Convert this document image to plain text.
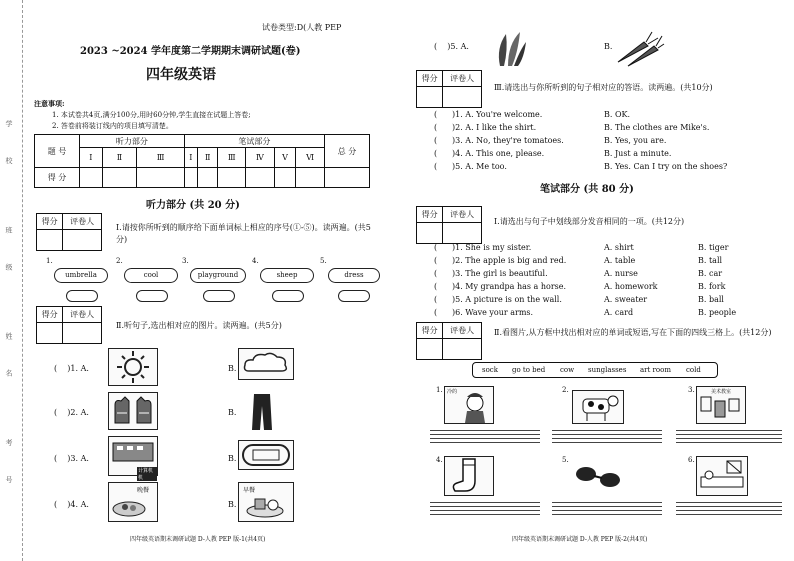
学校 班级 姓名 考号
试卷类型:D(人教 PEP
2023 ~2024 学年度第二学期期末调研试题(卷)
四年级英语
注意事项:
1. 本试卷共4页,满分100分,用时60分钟,学生直接在试题上答卷;
2. 答卷前将装订线内的项目填写清楚。
题 号	听力部分			笔试部分						总 分
	Ⅰ	Ⅱ	Ⅲ	Ⅰ	Ⅱ	Ⅲ	Ⅳ	Ⅴ	Ⅵ	
得 分										
听力部分 (共 20 分)
得分	评卷人

Ⅰ.请按你所听到的顺序给下面单词标上相应的序号(①-⑤)。读两遍。(共5分)
1.
umbrella
2.
cool
3.
playground
4.
sheep
5.
dress
得分	评卷人

Ⅱ.听句子,选出相对应的图片。读两遍。(共5分)
( )1. A.	B.
( )2. A.	B.
( )3. A.
计算机机
B.
( )4. A.
晚餐
B.
早餐
四年级英语期末调研试题 D-人教 PEP 版-1(共4页)
( )5. A.	B.
得分	评卷人

Ⅲ.请选出与你所听到的句子相对应的答语。读两遍。(共10分)
( )1. A. You're welcome.	B. OK.
( )2. A. I like the shirt.	B. The clothes are Mike's.
( )3. A. No, they're tomatoes.	B. Yes, you are.
( )4. A. This one, please.	B. Just a minute.
( )5. A. Me too.	B. Yes. Can I try on the shoes?
笔试部分 (共 80 分)
得分	评卷人

Ⅰ.请选出与句子中划线部分发音相同的一项。(共12分)
( )1. She is my sister.	A. shirt	B. tiger
( )2. The apple is big and red.	A. table	B. tall
( )3. The girl is beautiful.	A. nurse	B. car
( )4. My grandpa has a horse.	A. homework	B. fork
( )5. A picture is on the wall.	A. sweater	B. ball
( )6. Wave your arms.	A. card	B. people
得分	评卷人
	Ⅱ.看图片,从方框中找出相对应的单词或短语,写在下面的四线三格上。(共12分)
sock go to bed cow sunglasses art room cold
1. 冷的	2.	3.	美术教室
4.	5.	6.
四年级英语期末调研试题 D-人教 PEP 版-2(共4页)
